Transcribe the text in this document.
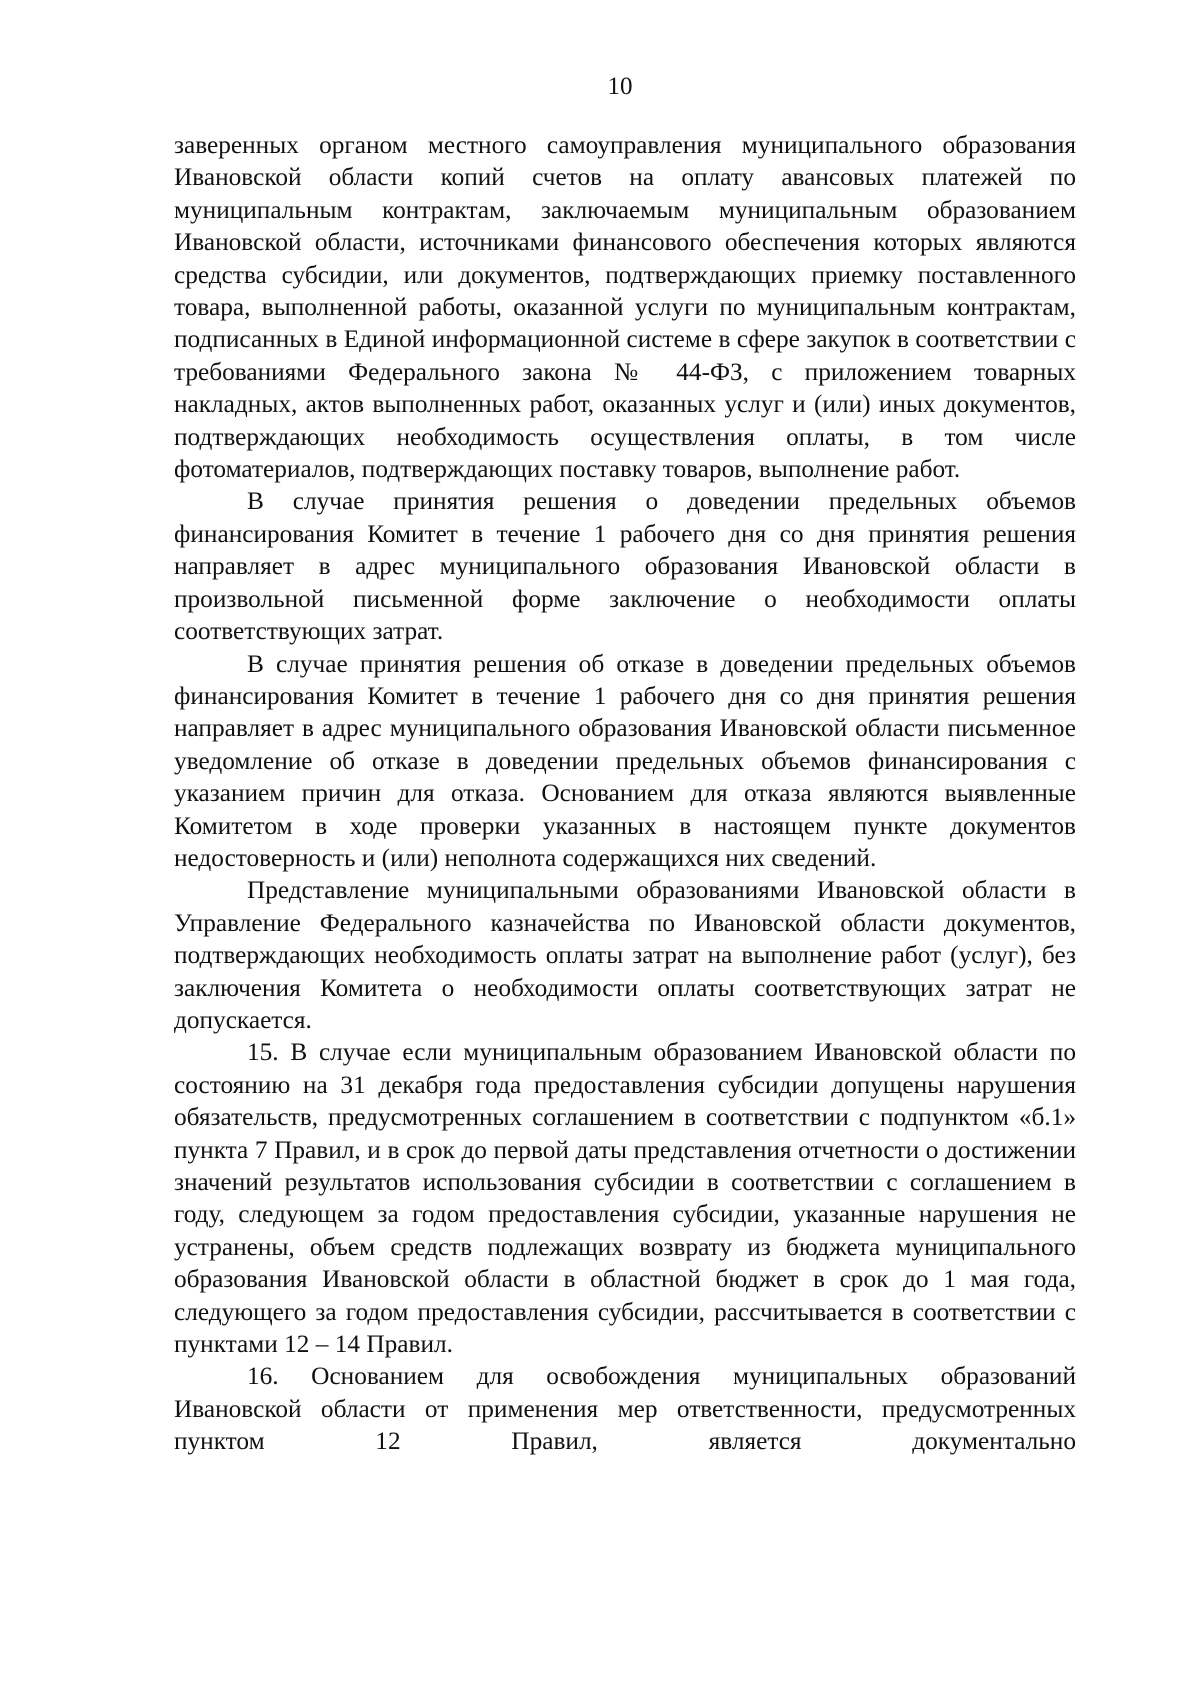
10

заверенных органом местного самоуправления муниципального образования Ивановской области копий счетов на оплату авансовых платежей по муниципальным контрактам, заключаемым муниципальным образованием Ивановской области, источниками финансового обеспечения которых являются средства субсидии, или документов, подтверждающих приемку поставленного товара, выполненной работы, оказанной услуги по муниципальным контрактам, подписанных в Единой информационной системе в сфере закупок в соответствии с требованиями Федерального закона № 44-ФЗ, с приложением товарных накладных, актов выполненных работ, оказанных услуг и (или) иных документов, подтверждающих необходимость осуществления оплаты, в том числе фотоматериалов, подтверждающих поставку товаров, выполнение работ.

В случае принятия решения о доведении предельных объемов финансирования Комитет в течение 1 рабочего дня со дня принятия решения направляет в адрес муниципального образования Ивановской области в произвольной письменной форме заключение о необходимости оплаты соответствующих затрат.

В случае принятия решения об отказе в доведении предельных объемов финансирования Комитет в течение 1 рабочего дня со дня принятия решения направляет в адрес муниципального образования Ивановской области письменное уведомление об отказе в доведении предельных объемов финансирования с указанием причин для отказа. Основанием для отказа являются выявленные Комитетом в ходе проверки указанных в настоящем пункте документов недостоверность и (или) неполнота содержащихся них сведений.

Представление муниципальными образованиями Ивановской области в Управление Федерального казначейства по Ивановской области документов, подтверждающих необходимость оплаты затрат на выполнение работ (услуг), без заключения Комитета о необходимости оплаты соответствующих затрат не допускается.

15. В случае если муниципальным образованием Ивановской области по состоянию на 31 декабря года предоставления субсидии допущены нарушения обязательств, предусмотренных соглашением в соответствии с подпунктом «б.1» пункта 7 Правил, и в срок до первой даты представления отчетности о достижении значений результатов использования субсидии в соответствии с соглашением в году, следующем за годом предоставления субсидии, указанные нарушения не устранены, объем средств подлежащих возврату из бюджета муниципального образования Ивановской области в областной бюджет в срок до 1 мая года, следующего за годом предоставления субсидии, рассчитывается в соответствии с пунктами 12 – 14 Правил.

16. Основанием для освобождения муниципальных образований Ивановской области от применения мер ответственности, предусмотренных пунктом 12 Правил, является документально
